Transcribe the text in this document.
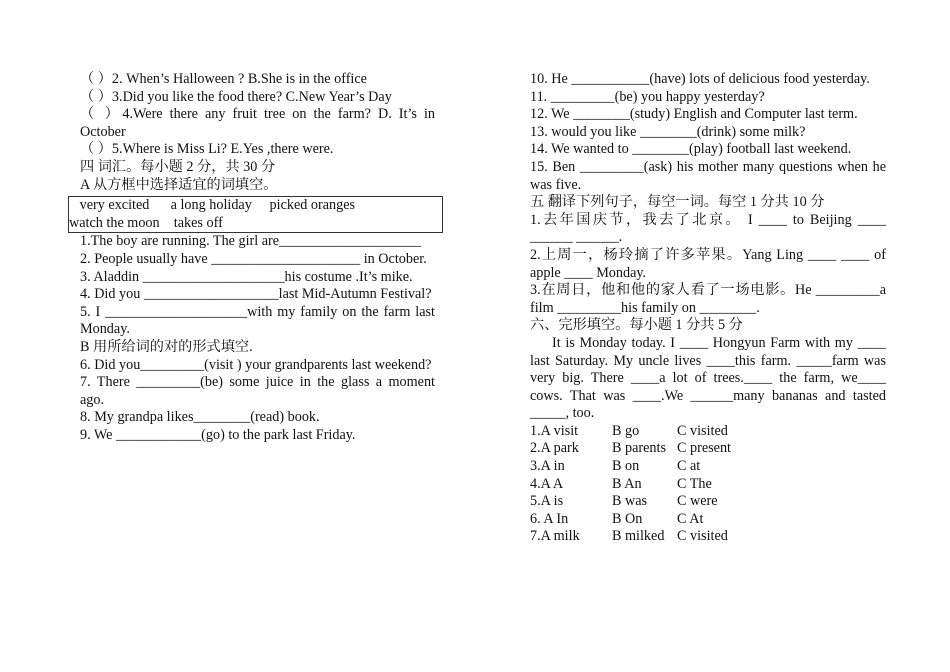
（ ）2. When’s Halloween ? B.She is in the office

（ ）3.Did you like the food there? C.New Year’s Day

（ ）4.Were there any fruit tree on the farm? D. It’s in October

（ ）5.Where is Miss Li? E.Yes ,there were.

四 词汇。每小题 2 分，共 30 分

A 从方框中选择适宜的词填空。

very excited      a long holiday     picked oranges

watch the moon    takes off

1.The boy are running. The girl are____________________

2. People usually have _____________________ in October.

3. Aladdin ____________________his costume .It’s mike.

4. Did you ___________________last Mid-Autumn Festival?

5. I ____________________with my family on the farm last Monday.

B 用所给词的对的形式填空.

6. Did you_________(visit ) your grandparents last weekend?

7. There _________(be) some juice in the glass a moment ago.

8. My grandpa likes________(read) book.

9. We ____________(go) to the park last Friday.

10. He ___________(have) lots of delicious food yesterday.

11. _________(be) you happy yesterday?

12. We ________(study) English and Computer last term.

13. would you like ________(drink) some milk?

14. We wanted to ________(play) football last weekend.

15. Ben _________(ask) his mother many questions when he was five.

五 翻译下列句子，每空一词。每空 1 分共 10 分

1.去年国庆节，我去了北京。 I ____ to Beijing ____ ______ ______.

2.上周一，杨玲摘了许多苹果。Yang Ling ____ ____ of apple ____ Monday.

3.在周日，他和他的家人看了一场电影。He _________a film _________his family on ________.

六、完形填空。每小题 1 分共 5 分

It is Monday today. I ____ Hongyun Farm with my ____ last Saturday. My uncle lives ____this farm. _____farm was very big. There ____a lot of trees.____ the farm, we____ cows. That was ____.We ______many bananas and tasted _____, too.

1.A visit B go	C visited

2.A park B parents C present

3.A in	B on	C at

4.A A	B An C The

5.A is	B was C were

6. A In	B On C At

7.A milk B milked C visited
